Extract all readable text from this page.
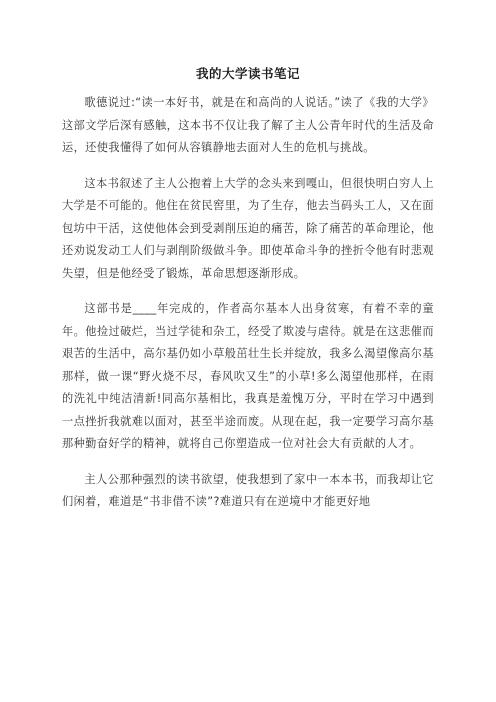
我的大学读书笔记

歌德说过:“读一本好书，就是在和高尚的人说话。”读了《我的大学》这部文学后深有感触，这本书不仅让我了解了主人公青年时代的生活及命运，还使我懂得了如何从容镇静地去面对人生的危机与挑战。

这本书叙述了主人公抱着上大学的念头来到嘎山，但很快明白穷人上大学是不可能的。他住在贫民窖里，为了生存，他去当码头工人，又在面包坊中干活，这使他体会到受剥削压迫的痛苦，除了痛苦的革命理论，他还劝说发动工人们与剥削阶级做斗争。即使革命斗争的挫折令他有时悲观失望，但是他经受了锻炼，革命思想逐渐形成。

这部书是____年完成的，作者高尔基本人出身贫寒，有着不幸的童年。他捡过破烂，当过学徒和杂工，经受了欺凌与虐待。就是在这悲催而艰苦的生活中，高尔基仍如小草般茁壮生长并绽放，我多么渴望像高尔基那样，做一课“野火烧不尽，春风吹又生”的小草!多么渴望他那样，在雨的洗礼中纯洁清新!同高尔基相比，我真是羞愧万分，平时在学习中遇到一点挫折我就难以面对，甚至半途而废。从现在起，我一定要学习高尔基那种勤奋好学的精神，就将自己你塑造成一位对社会大有贡献的人才。

主人公那种强烈的读书欲望，使我想到了家中一本本书，而我却让它们闲着，难道是“书非借不读”?难道只有在逆境中才能更好地
